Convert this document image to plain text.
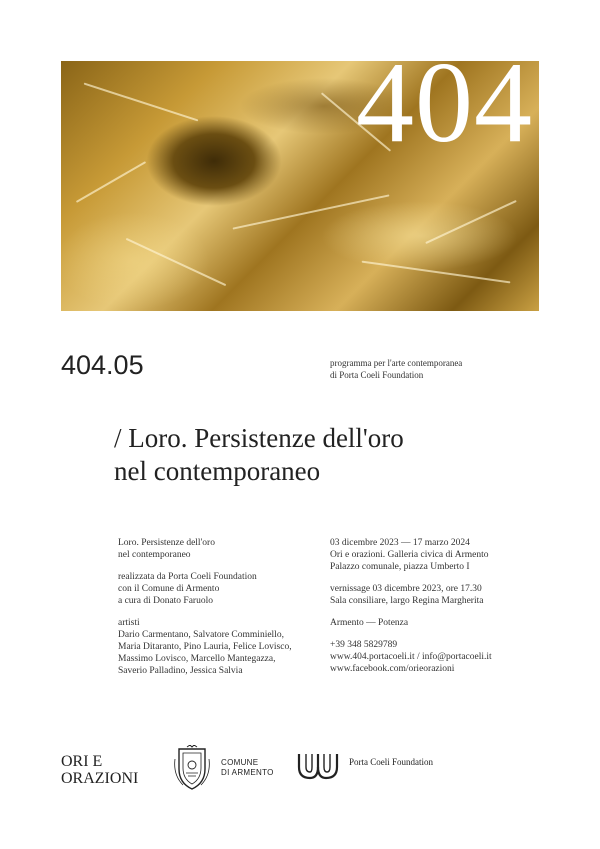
404
404.05	programma per l'arte contemporanea
di Porta Coeli Foundation
/ Loro. Persistenze dell'oro
nel contemporaneo
Loro. Persistenze dell'oro
nel contemporaneo
realizzata da Porta Coeli Foundation
con il Comune di Armento
a cura di Donato Faruolo
artisti
Dario Carmentano, Salvatore Comminiello,
Maria Ditaranto, Pino Lauria, Felice Lovisco,
Massimo Lovisco, Marcello Mantegazza,
Saverio Palladino, Jessica Salvia
03 dicembre 2023 — 17 marzo 2024
Ori e orazioni. Galleria civica di Armento
Palazzo comunale, piazza Umberto I
vernissage 03 dicembre 2023, ore 17.30
Sala consiliare, largo Regina Margherita
Armento — Potenza
+39 348 5829789
www.404.portacoeli.it / info@portacoeli.it
www.facebook.com/orieorazioni
ORI E
ORAZIONI
COMUNE
DI ARMENTO
Porta Coeli Foundation
